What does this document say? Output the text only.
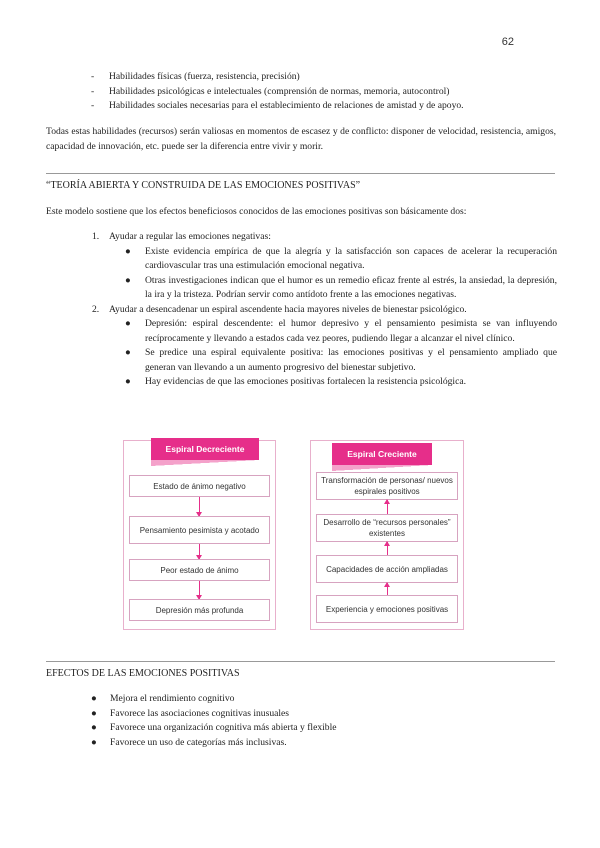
62
- Habilidades físicas (fuerza, resistencia, precisión)
- Habilidades psicológicas e intelectuales (comprensión de normas, memoria, autocontrol)
- Habilidades sociales necesarias para el establecimiento de relaciones de amistad y de apoyo.

Todas estas habilidades (recursos) serán valiosas en momentos de escasez y de conflicto: disponer de velocidad, resistencia, amigos, capacidad de innovación, etc. puede ser la diferencia entre vivir y morir.

“TEORÍA ABIERTA Y CONSTRUIDA DE LAS EMOCIONES POSITIVAS”

Este modelo sostiene que los efectos beneficiosos conocidos de las emociones positivas son básicamente dos:

1. Ayudar a regular las emociones negativas:
● Existe evidencia empírica de que la alegría y la satisfacción son capaces de acelerar la recuperación cardiovascular tras una estimulación emocional negativa.
● Otras investigaciones indican que el humor es un remedio eficaz frente al estrés, la ansiedad, la depresión, la ira y la tristeza. Podrían servir como antídoto frente a las emociones negativas.
2. Ayudar a desencadenar un espiral ascendente hacia mayores niveles de bienestar psicológico.
● Depresión: espiral descendente: el humor depresivo y el pensamiento pesimista se van influyendo recíprocamente y llevando a estados cada vez peores, pudiendo llegar a alcanzar el nivel clínico.
● Se predice una espiral equivalente positiva: las emociones positivas y el pensamiento ampliado que generan van llevando a un aumento progresivo del bienestar subjetivo.
● Hay evidencias de que las emociones positivas fortalecen la resistencia psicológica.
Espiral Decreciente
Estado de ánimo negativo
Pensamiento pesimista y acotado
Peor estado de ánimo
Depresión más profunda
Espiral Creciente
Transformación de personas/ nuevos espirales positivos
Desarrollo de “recursos personales” existentes
Capacidades de acción ampliadas
Experiencia y emociones positivas
EFECTOS DE LAS EMOCIONES POSITIVAS
● Mejora el rendimiento cognitivo
● Favorece las asociaciones cognitivas inusuales
● Favorece una organización cognitiva más abierta y flexible
● Favorece un uso de categorías más inclusivas.
